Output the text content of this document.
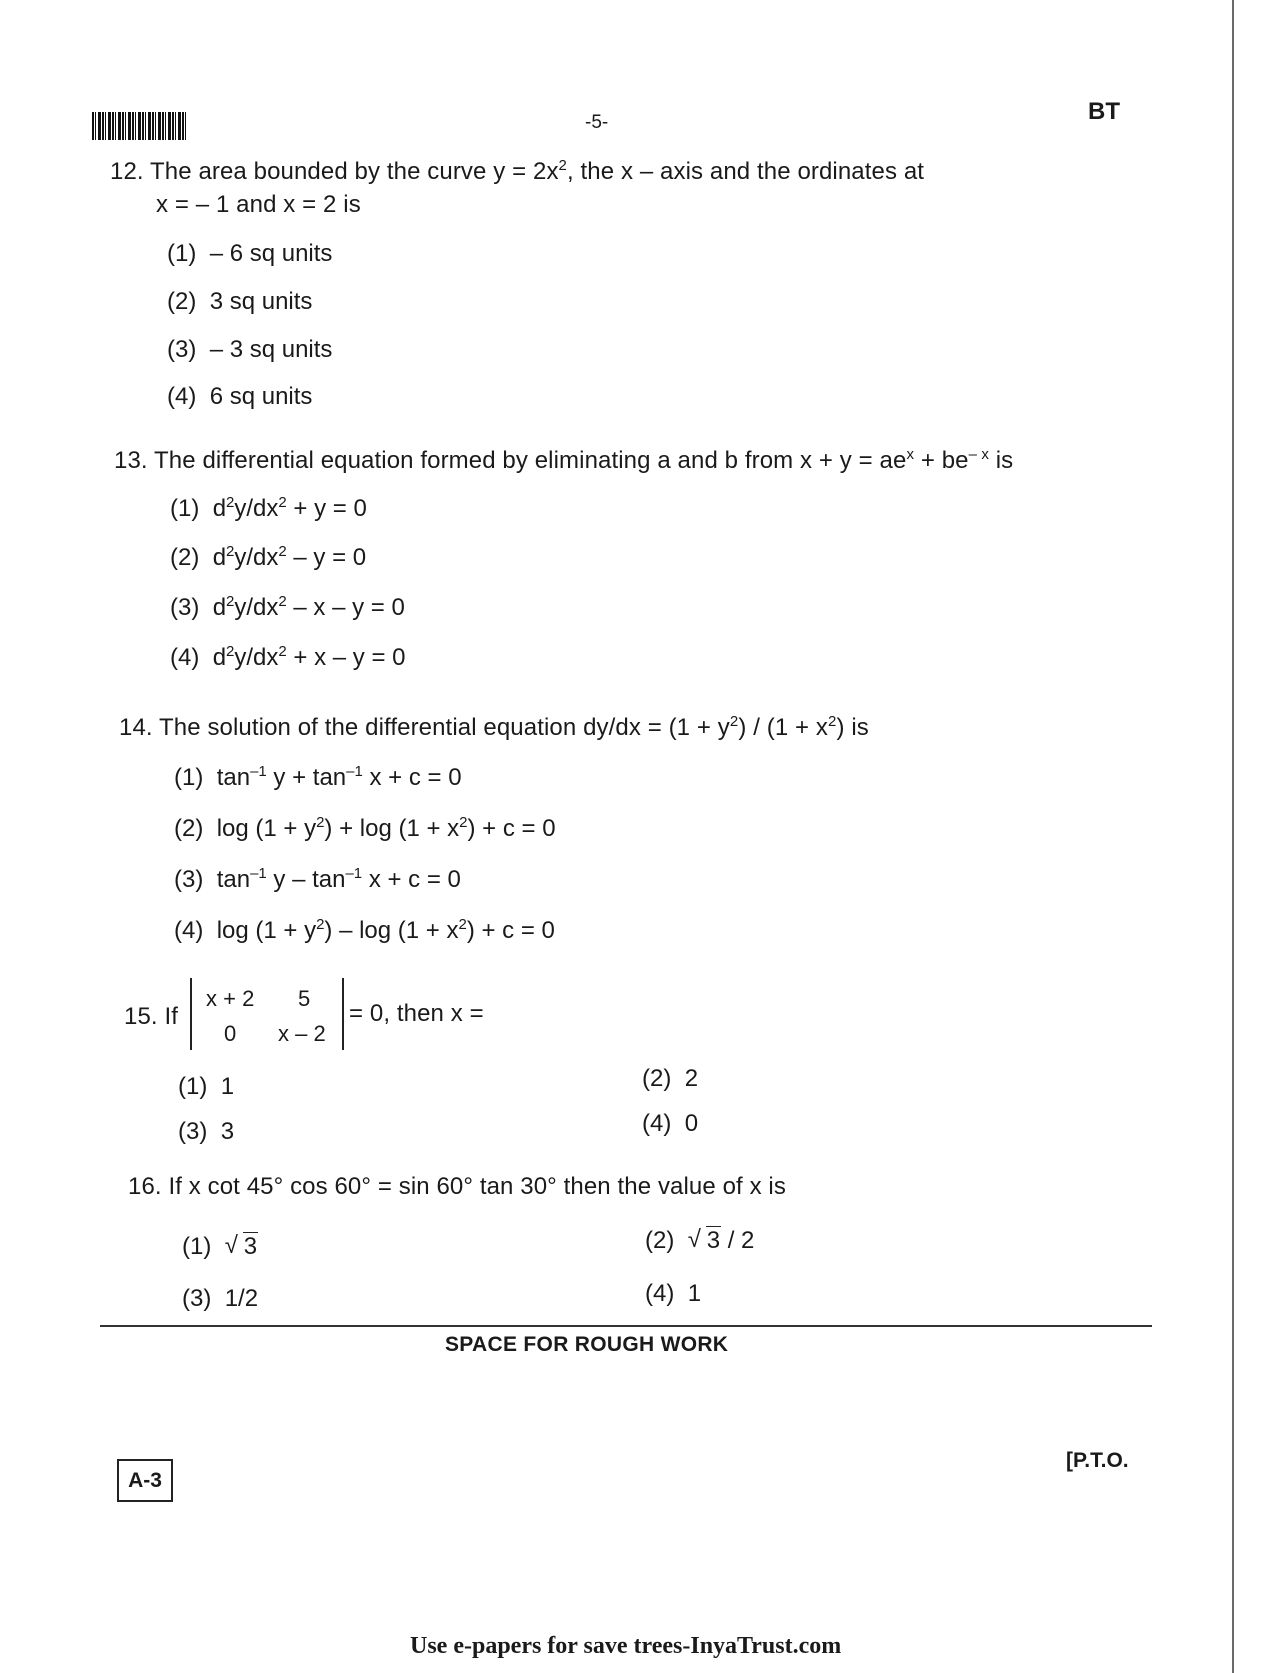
-5-	BT
12. The area bounded by the curve $y = 2x^2$, the x – axis and the ordinates at
x = – 1 and x = 2 is
(1) – 6 sq units
(2) 3 sq units
(3) – 3 sq units
(4) 6 sq units
13. The differential equation formed by eliminating a and b from $x + y = ae^x + be^{- x}$ is
(1) $d^2y/dx^2 + y = 0$
(2) $d^2y/dx^2 - y = 0$
(3) $d^2y/dx^2 - x - y = 0$
(4) $d^2y/dx^2 + x - y = 0$
14. The solution of the differential equation $dy/dx = (1 + y^2) / (1 + x^2)$ is
(1) $\tan^{-1} y + \tan^{-1} x + c = 0$
(2) $\log (1 + y^2) + \log (1 + x^2) + c = 0$
(3) $\tan^{-1} y - \tan^{-1} x + c = 0$
(4) $\log (1 + y^2) - \log (1 + x^2) + c = 0$
15. If
x + 2 5
0 x – 2
= 0, then x =
(1) 1	(2) 2
(3) 3	(4) 0
16. If x cot 45° cos 60° = sin 60° tan 30° then the value of x is
(1) √ 3	(2) √ 3 / 2
(3) 1/2	(4) 1
SPACE FOR ROUGH WORK
A-3
[P.T.O.
Use e-papers for save trees-InyaTrust.com
